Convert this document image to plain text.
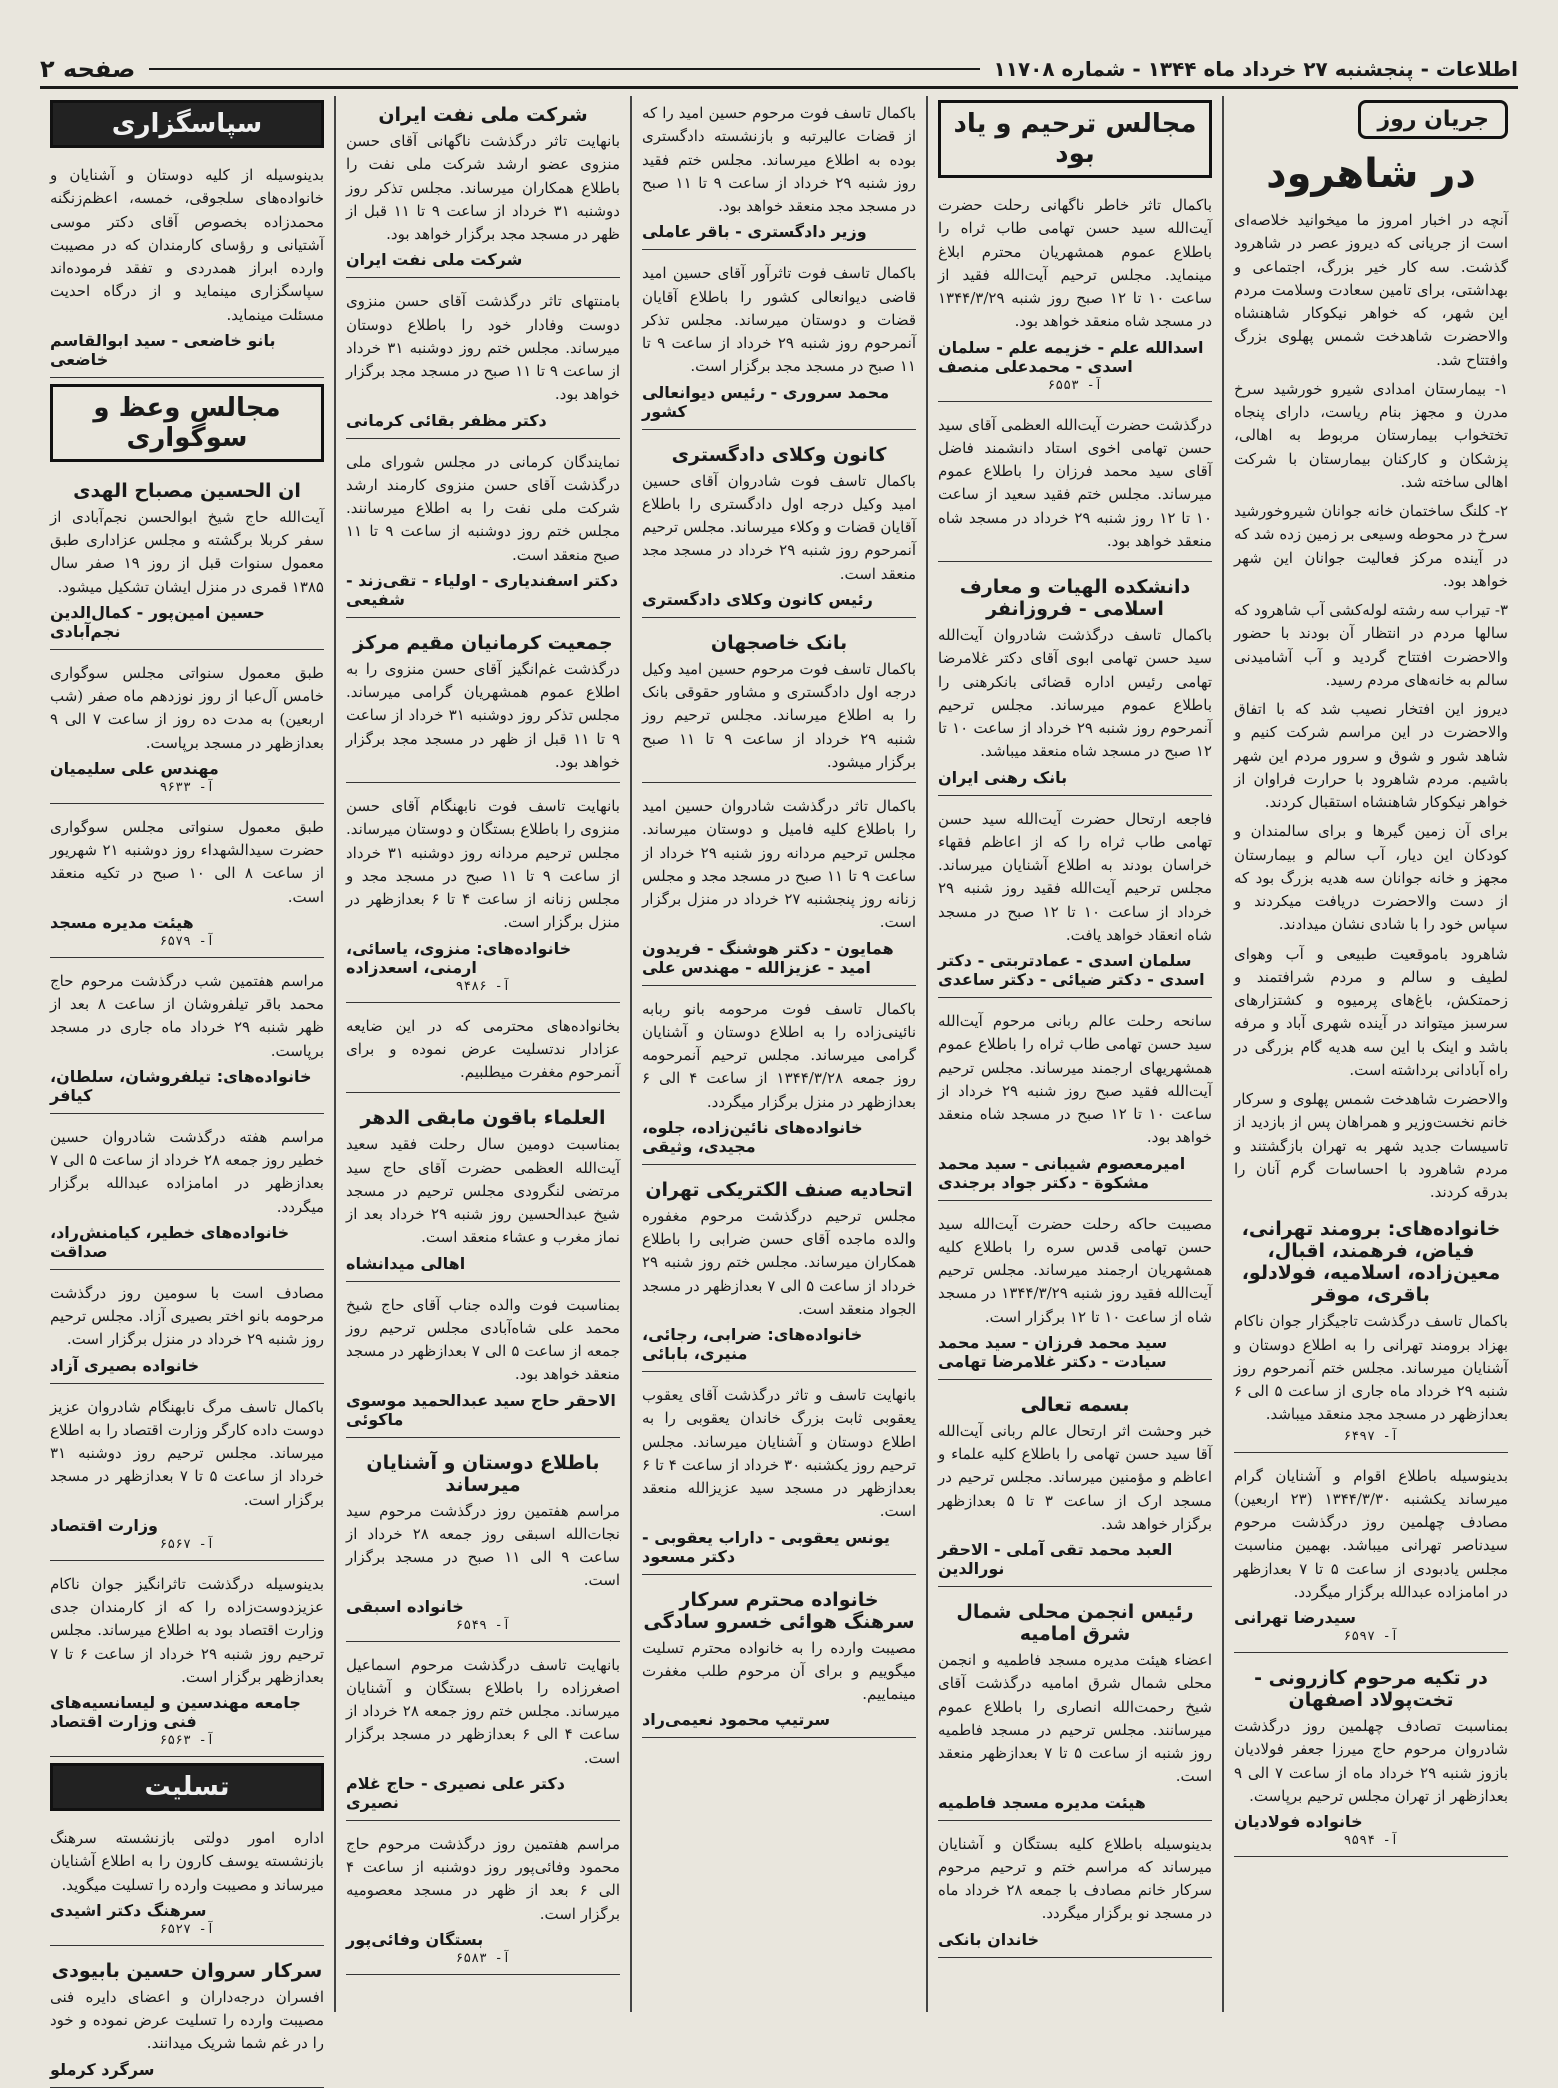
صفحه ۲	اطلاعات - پنجشنبه ۲۷ خرداد ماه ۱۳۴۴ - شماره ۱۱۷۰۸
جریان روز
در شاهرود

آنچه در اخبار امروز ما میخوانید خلاصه‌ای است از جریانی که دیروز عصر در شاهرود گذشت. سه کار خیر بزرگ، اجتماعی و بهداشتی، برای تامین سعادت وسلامت مردم این شهر، که خواهر نیکوکار شاهنشاه والاحضرت شاهدخت شمس پهلوی بزرگ وافتتاح شد.

۱- بیمارستان امدادی شیرو خورشید سرخ مدرن و مجهز بنام ریاست، دارای پنجاه تختخواب بیمارستان مربوط به اهالی، پزشکان و کارکنان بیمارستان با شرکت اهالی ساخته شد.

۲- کلنگ ساختمان خانه جوانان شیروخورشید سرخ در محوطه وسیعی بر زمین زده شد که در آینده مرکز فعالیت جوانان این شهر خواهد بود.

۳- تیراب سه رشته لوله‌کشی آب شاهرود که سالها مردم در انتظار آن بودند با حضور والاحضرت افتتاح گردید و آب آشامیدنی سالم به خانه‌های مردم رسید.

دیروز این افتخار نصیب شد که با اتفاق والاحضرت در این مراسم شرکت کنیم و شاهد شور و شوق و سرور مردم این شهر باشیم. مردم شاهرود با حرارت فراوان از خواهر نیکوکار شاهنشاه استقبال کردند.

برای آن زمین گیرها و برای سالمندان و کودکان این دیار، آب سالم و بیمارستان مجهز و خانه جوانان سه هدیه بزرگ بود که از دست والاحضرت دریافت میکردند و سپاس خود را با شادی نشان میدادند.

شاهرود باموقعیت طبیعی و آب وهوای لطیف و سالم و مردم شرافتمند و زحمتکش، باغ‌های پرمیوه و کشتزارهای سرسبز میتواند در آینده شهری آباد و مرفه باشد و اینک با این سه هدیه گام بزرگی در راه آبادانی برداشته است.

والاحضرت شاهدخت شمس پهلوی و سرکار خانم نخست‌وزیر و همراهان پس از بازدید از تاسیسات جدید شهر به تهران بازگشتند و مردم شاهرود با احساسات گرم آنان را بدرقه کردند.

خانواده‌های: برومند تهرانی، فیاض، فرهمند، اقبال، معین‌زاده، اسلامیه، فولادلو، باقری، موقر

باکمال تاسف درگذشت تاجیگزار جوان ناکام بهزاد برومند تهرانی را به اطلاع دوستان و آشنایان میرساند. مجلس ختم آنمرحوم روز شنبه ۲۹ خرداد ماه جاری از ساعت ۵ الی ۶ بعدازظهر در مسجد مجد منعقد میباشد.

آ- ۶۴۹۷

بدینوسیله باطلاع اقوام و آشنایان گرام میرساند یکشنبه ۱۳۴۴/۳/۳۰ (۲۳ اربعین) مصادف چهلمین روز درگذشت مرحوم سیدناصر تهرانی میباشد. بهمین مناسبت مجلس یادبودی از ساعت ۵ تا ۷ بعدازظهر در امامزاده عبدالله برگزار میگردد.

سیدرضا تهرانی
آ- ۶۵۹۷
در تکیه مرحوم کازرونی - تخت‌پولاد اصفهان

بمناسبت تصادف چهلمین روز درگذشت شادروان مرحوم حاج میرزا جعفر فولادیان بازوز شنبه ۲۹ خرداد ماه از ساعت ۷ الی ۹ بعدازظهر از تهران مجلس ترحیم برپاست.

خانواده فولادیان
آ- ۹۵۹۴
مجالس ترحیم و یاد بود

باکمال تاثر خاطر ناگهانی رحلت حضرت آیت‌الله سید حسن تهامی طاب ثراه را باطلاع عموم همشهریان محترم ابلاغ مینماید. مجلس ترحیم آیت‌الله فقید از ساعت ۱۰ تا ۱۲ صبح روز شنبه ۱۳۴۴/۳/۲۹ در مسجد شاه منعقد خواهد بود.

اسدالله علم - خزیمه علم - سلمان اسدی - محمدعلی منصف
آ- ۶۵۵۳

درگذشت حضرت آیت‌الله العظمی آقای سید حسن تهامی اخوی استاد دانشمند فاضل آقای سید محمد فرزان را باطلاع عموم میرساند. مجلس ختم فقید سعید از ساعت ۱۰ تا ۱۲ روز شنبه ۲۹ خرداد در مسجد شاه منعقد خواهد بود.

دانشکده الهیات و معارف اسلامی - فروزانفر

باکمال تاسف درگذشت شادروان آیت‌الله سید حسن تهامی ابوی آقای دکتر غلامرضا تهامی رئیس اداره قضائی بانکرهنی را باطلاع عموم میرساند. مجلس ترحیم آنمرحوم روز شنبه ۲۹ خرداد از ساعت ۱۰ تا ۱۲ صبح در مسجد شاه منعقد میباشد.

بانک رهنی ایران

فاجعه ارتحال حضرت آیت‌الله سید حسن تهامی طاب ثراه را که از اعاظم فقهاء خراسان بودند به اطلاع آشنایان میرساند. مجلس ترحیم آیت‌الله فقید روز شنبه ۲۹ خرداد از ساعت ۱۰ تا ۱۲ صبح در مسجد شاه انعقاد خواهد یافت.

سلمان اسدی - عمادتربتی - دکتر اسدی - دکتر ضیائی - دکتر ساعدی

سانحه رحلت عالم ربانی مرحوم آیت‌الله سید حسن تهامی طاب ثراه را باطلاع عموم همشهریهای ارجمند میرساند. مجلس ترحیم آیت‌الله فقید صبح روز شنبه ۲۹ خرداد از ساعت ۱۰ تا ۱۲ صبح در مسجد شاه منعقد خواهد بود.

امیرمعصوم شیبانی - سید محمد مشکوة - دکتر جواد برجندی

مصیبت حاکه رحلت حضرت آیت‌الله سید حسن تهامی قدس سره را باطلاع کلیه همشهریان ارجمند میرساند. مجلس ترحیم آیت‌الله فقید روز شنبه ۱۳۴۴/۳/۲۹ در مسجد شاه از ساعت ۱۰ تا ۱۲ برگزار است.

سید محمد فرزان - سید محمد سیادت - دکتر غلامرضا تهامی
بسمه تعالی

خبر وحشت اثر ارتحال عالم ربانی آیت‌الله آقا سید حسن تهامی را باطلاع کلیه علماء و اعاظم و مؤمنین میرساند. مجلس ترحیم در مسجد ارک از ساعت ۳ تا ۵ بعدازظهر برگزار خواهد شد.

العبد محمد تقی آملی - الاحقر نورالدین
رئیس انجمن محلی شمال شرق امامیه

اعضاء هیئت مدیره مسجد فاطمیه و انجمن محلی شمال شرق امامیه درگذشت آقای شیخ رحمت‌الله انصاری را باطلاع عموم میرسانند. مجلس ترحیم در مسجد فاطمیه روز شنبه از ساعت ۵ تا ۷ بعدازظهر منعقد است.

هیئت مدیره مسجد فاطمیه

بدینوسیله باطلاع کلیه بستگان و آشنایان میرساند که مراسم ختم و ترحیم مرحوم سرکار خانم مصادف با جمعه ۲۸ خرداد ماه در مسجد نو برگزار میگردد.

خاندان بانکی

باکمال تاسف فوت مرحوم حسین امید را که از قضات عالیرتبه و بازنشسته دادگستری بوده به اطلاع میرساند. مجلس ختم فقید روز شنبه ۲۹ خرداد از ساعت ۹ تا ۱۱ صبح در مسجد مجد منعقد خواهد بود.

وزیر دادگستری - باقر عاملی

باکمال تاسف فوت تاثرآور آقای حسین امید قاضی دیوانعالی کشور را باطلاع آقایان قضات و دوستان میرساند. مجلس تذکر آنمرحوم روز شنبه ۲۹ خرداد از ساعت ۹ تا ۱۱ صبح در مسجد مجد برگزار است.

محمد سروری - رئیس دیوانعالی کشور
کانون وکلای دادگستری

باکمال تاسف فوت شادروان آقای حسین امید وکیل درجه اول دادگستری را باطلاع آقایان قضات و وکلاء میرساند. مجلس ترحیم آنمرحوم روز شنبه ۲۹ خرداد در مسجد مجد منعقد است.

رئیس کانون وکلای دادگستری
بانک خاصجهان

باکمال تاسف فوت مرحوم حسین امید وکیل درجه اول دادگستری و مشاور حقوقی بانک را به اطلاع میرساند. مجلس ترحیم روز شنبه ۲۹ خرداد از ساعت ۹ تا ۱۱ صبح برگزار میشود.

باکمال تاثر درگذشت شادروان حسین امید را باطلاع کلیه فامیل و دوستان میرساند. مجلس ترحیم مردانه روز شنبه ۲۹ خرداد از ساعت ۹ تا ۱۱ صبح در مسجد مجد و مجلس زنانه روز پنجشنبه ۲۷ خرداد در منزل برگزار است.

همایون - دکتر هوشنگ - فریدون امید - عزیزالله - مهندس علی

باکمال تاسف فوت مرحومه بانو ربابه نائینی‌زاده را به اطلاع دوستان و آشنایان گرامی میرساند. مجلس ترحیم آنمرحومه روز جمعه ۱۳۴۴/۳/۲۸ از ساعت ۴ الی ۶ بعدازظهر در منزل برگزار میگردد.

خانواده‌های نائین‌زاده، جلوه، مجیدی، وثیقی
اتحادیه صنف الکتریکی تهران

مجلس ترحیم درگذشت مرحوم مغفوره والده ماجده آقای حسن ضرابی را باطلاع همکاران میرساند. مجلس ختم روز شنبه ۲۹ خرداد از ساعت ۵ الی ۷ بعدازظهر در مسجد الجواد منعقد است.

خانواده‌های: ضرابی، رجائی، منیری، بابائی

بانهایت تاسف و تاثر درگذشت آقای یعقوب یعقوبی ثابت بزرگ خاندان یعقوبی را به اطلاع دوستان و آشنایان میرساند. مجلس ترحیم روز یکشنبه ۳۰ خرداد از ساعت ۴ تا ۶ بعدازظهر در مسجد سید عزیزالله منعقد است.

یونس یعقوبی - داراب یعقوبی - دکتر مسعود
خانواده محترم سرکار سرهنگ هوائی خسرو سادگی

مصیبت وارده را به خانواده محترم تسلیت میگوییم و برای آن مرحوم طلب مغفرت مینماییم.

سرتیپ محمود نعیمی‌راد
شرکت ملی نفت ایران

بانهایت تاثر درگذشت ناگهانی آقای حسن منزوی عضو ارشد شرکت ملی نفت را باطلاع همکاران میرساند. مجلس تذکر روز دوشنبه ۳۱ خرداد از ساعت ۹ تا ۱۱ قبل از ظهر در مسجد مجد برگزار خواهد بود.

شرکت ملی نفت ایران

بامنتهای تاثر درگذشت آقای حسن منزوی دوست وفادار خود را باطلاع دوستان میرساند. مجلس ختم روز دوشنبه ۳۱ خرداد از ساعت ۹ تا ۱۱ صبح در مسجد مجد برگزار خواهد بود.

دکتر مظفر بقائی کرمانی

نمایندگان کرمانی در مجلس شورای ملی درگذشت آقای حسن منزوی کارمند ارشد شرکت ملی نفت را به اطلاع میرسانند. مجلس ختم روز دوشنبه از ساعت ۹ تا ۱۱ صبح منعقد است.

دکتر اسفندیاری - اولیاء - تقی‌زند - شفیعی
جمعیت کرمانیان مقیم مرکز

درگذشت غم‌انگیز آقای حسن منزوی را به اطلاع عموم همشهریان گرامی میرساند. مجلس تذکر روز دوشنبه ۳۱ خرداد از ساعت ۹ تا ۱۱ قبل از ظهر در مسجد مجد برگزار خواهد بود.

بانهایت تاسف فوت نابهنگام آقای حسن منزوی را باطلاع بستگان و دوستان میرساند. مجلس ترحیم مردانه روز دوشنبه ۳۱ خرداد از ساعت ۹ تا ۱۱ صبح در مسجد مجد و مجلس زنانه از ساعت ۴ تا ۶ بعدازظهر در منزل برگزار است.

خانواده‌های: منزوی، یاسائی، ارمنی، اسعدزاده
آ- ۹۴۸۶

بخانواده‌های محترمی که در این ضایعه عزادار ندتسلیت عرض نموده و برای آنمرحوم مغفرت میطلبیم.

العلماء باقون مابقی الدهر

بمناسبت دومین سال رحلت فقید سعید آیت‌الله العظمی حضرت آقای حاج سید مرتضی لنگرودی مجلس ترحیم در مسجد شیخ عبدالحسین روز شنبه ۲۹ خرداد بعد از نماز مغرب و عشاء منعقد است.

اهالی میدانشاه

بمناسبت فوت والده جناب آقای حاج شیخ محمد علی شاه‌آبادی مجلس ترحیم روز جمعه از ساعت ۵ الی ۷ بعدازظهر در مسجد منعقد خواهد بود.

الاحقر حاج سید عبدالحمید موسوی ماکوئی
باطلاع دوستان و آشنایان میرساند

مراسم هفتمین روز درگذشت مرحوم سید نجات‌الله اسبقی روز جمعه ۲۸ خرداد از ساعت ۹ الی ۱۱ صبح در مسجد برگزار است.

خانواده اسبقی
آ- ۶۵۴۹

بانهایت تاسف درگذشت مرحوم اسماعیل اصغرزاده را باطلاع بستگان و آشنایان میرساند. مجلس ختم روز جمعه ۲۸ خرداد از ساعت ۴ الی ۶ بعدازظهر در مسجد برگزار است.

دکتر علی نصیری - حاج غلام نصیری

مراسم هفتمین روز درگذشت مرحوم حاج محمود وفائی‌پور روز دوشنبه از ساعت ۴ الی ۶ بعد از ظهر در مسجد معصومیه برگزار است.

بستگان وفائی‌پور
آ- ۶۵۸۳
سپاسگزاری

بدینوسیله از کلیه دوستان و آشنایان و خانواده‌های سلجوقی، خمسه، اعظم‌زنگنه محمدزاده بخصوص آقای دکتر موسی آشتیانی و رؤسای کارمندان که در مصیبت وارده ابراز همدردی و تفقد فرموده‌اند سپاسگزاری مینماید و از درگاه احدیت مسئلت مینماید.

بانو خاضعی - سید ابوالقاسم خاضعی
مجالس وعظ و سوگواری
ان الحسین مصباح الهدی

آیت‌الله حاج شیخ ابوالحسن نجم‌آبادی از سفر کربلا برگشته و مجلس عزاداری طبق معمول سنوات قبل از روز ۱۹ صفر سال ۱۳۸۵ قمری در منزل ایشان تشکیل میشود.

حسین امین‌پور - کمال‌الدین نجم‌آبادی

طبق معمول سنواتی مجلس سوگواری خامس آل‌عبا از روز نوزدهم ماه صفر (شب اربعین) به مدت ده روز از ساعت ۷ الی ۹ بعدازظهر در مسجد برپاست.

مهندس علی سلیمیان
آ- ۹۶۳۳

طبق معمول سنواتی مجلس سوگواری حضرت سیدالشهداء روز دوشنبه ۲۱ شهریور از ساعت ۸ الی ۱۰ صبح در تکیه منعقد است.

هیئت مدیره مسجد
آ- ۶۵۷۹

مراسم هفتمین شب درگذشت مرحوم حاج محمد باقر تیلفروشان از ساعت ۸ بعد از ظهر شنبه ۲۹ خرداد ماه جاری در مسجد برپاست.

خانواده‌های: تیلفروشان، سلطان، کیافر

مراسم هفته درگذشت شادروان حسین خطیر روز جمعه ۲۸ خرداد از ساعت ۵ الی ۷ بعدازظهر در امامزاده عبدالله برگزار میگردد.

خانواده‌های خطیر، کیامنش‌راد، صداقت

مصادف است با سومین روز درگذشت مرحومه بانو اختر بصیری آزاد. مجلس ترحیم روز شنبه ۲۹ خرداد در منزل برگزار است.

خانواده بصیری آزاد

باکمال تاسف مرگ نابهنگام شادروان عزیز دوست داده کارگر وزارت اقتصاد را به اطلاع میرساند. مجلس ترحیم روز دوشنبه ۳۱ خرداد از ساعت ۵ تا ۷ بعدازظهر در مسجد برگزار است.

وزارت اقتصاد
آ- ۶۵۶۷

بدینوسیله درگذشت تاثرانگیز جوان ناکام عزیزدوست‌زاده را که از کارمندان جدی وزارت اقتصاد بود به اطلاع میرساند. مجلس ترحیم روز شنبه ۲۹ خرداد از ساعت ۶ تا ۷ بعدازظهر برگزار است.

جامعه مهندسین و لیسانسیه‌های فنی وزارت اقتصاد
آ- ۶۵۶۳
تسلیت

اداره امور دولتی بازنشسته سرهنگ بازنشسته یوسف کارون را به اطلاع آشنایان میرساند و مصیبت وارده را تسلیت میگوید.

سرهنگ دکتر اشیدی
آ- ۶۵۲۷
سرکار سروان حسین بابیودی

افسران درجه‌داران و اعضای دایره فنی مصیبت وارده را تسلیت عرض نموده و خود را در غم شما شریک میدانند.

سرگرد کرملو
